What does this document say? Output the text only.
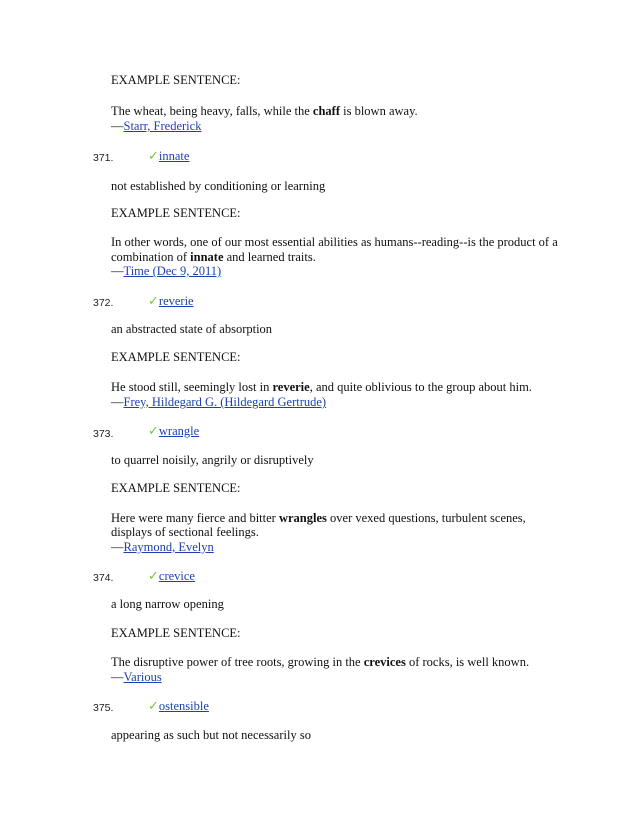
EXAMPLE SENTENCE:
The wheat, being heavy, falls, while the chaff is blown away.
—Starr, Frederick
371.	✓innate
not established by conditioning or learning
EXAMPLE SENTENCE:
In other words, one of our most essential abilities as humans--reading--is the product of a
combination of innate and learned traits.
—Time (Dec 9, 2011)
372.	✓reverie
an abstracted state of absorption
EXAMPLE SENTENCE:
He stood still, seemingly lost in reverie, and quite oblivious to the group about him.
—Frey, Hildegard G. (Hildegard Gertrude)
373.	✓wrangle
to quarrel noisily, angrily or disruptively
EXAMPLE SENTENCE:
Here were many fierce and bitter wrangles over vexed questions, turbulent scenes,
displays of sectional feelings.
—Raymond, Evelyn
374.	✓crevice
a long narrow opening
EXAMPLE SENTENCE:
The disruptive power of tree roots, growing in the crevices of rocks, is well known.
—Various
375.	✓ostensible
appearing as such but not necessarily so
